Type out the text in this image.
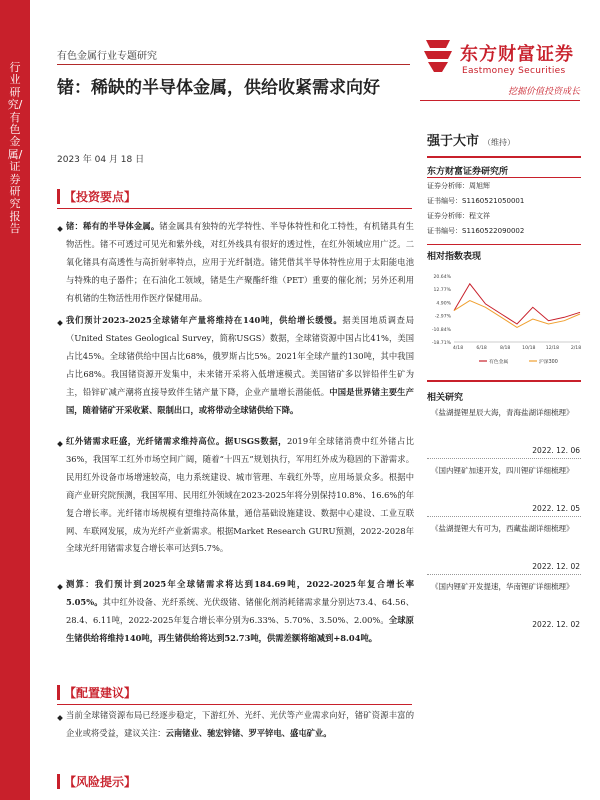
行业研究/有色金属/证券研究报告
有色金属行业专题研究
锗：稀缺的半导体金属，供给收紧需求向好
2023 年 04 月 18 日
东方财富证券
Eastmoney Securities
挖掘价值投资成长
【投资要点】
锗：稀有的半导体金属。锗金属具有独特的光学特性、半导体特性和化工特性，有机锗具有生物活性。锗不可透过可见光和紫外线，对红外线具有很好的透过性，在红外领域应用广泛。二氧化锗具有高透性与高折射率特点，应用于光纤制造。锗凭借其半导体特性应用于太阳能电池与特殊的电子器件；在石油化工领域，锗是生产聚酯纤维（PET）重要的催化剂；另外还利用有机锗的生物活性用作医疗保健用品。
我们预计2023-2025全球锗年产量将维持在140吨，供给增长缓慢。据美国地质调查局（United States Geological Survey，简称USGS）数据，全球锗资源中国占比41%，美国占比45%。全球锗供给中国占比68%，俄罗斯占比5%。2021年全球产量约130吨，其中我国占比68%。我国锗资源开发集中，未来锗开采将入低增速模式。美国锗矿多以锌铅伴生矿为主，铅锌矿减产潮将直接导致伴生锗产量下降，企业产量增长潜能低。中国是世界锗主要生产国，随着锗矿开采收紧、限制出口，或将带动全球锗供给下降。
红外锗需求旺盛，光纤锗需求维持高位。据USGS数据，2019年全球锗消费中红外锗占比36%，我国军工红外市场空间广阔，随着“十四五”规划执行，军用红外成为稳固的下游需求。民用红外设备市场增速较高，电力系统建设、城市管理、车载红外等，应用场景众多。根据中商产业研究院预测，我国军用、民用红外领域在2023-2025年将分别保持10.8%、16.6%的年复合增长率。光纤锗市场规模有望维持高体量，通信基础设施建设、数据中心建设、工业互联网、车联网发展，成为光纤产业新需求。根据Market Research GURU预测，2022-2028年全球光纤用锗需求复合增长率可达到5.7%。
测算：我们预计到2025年全球锗需求将达到184.69吨，2022-2025年复合增长率5.05%。其中红外设备、光纤系统、光伏级锗、锗催化剂消耗锗需求量分别达73.4、64.56、28.4、6.11吨，2022-2025年复合增长率分别为6.33%、5.70%、3.50%、2.00%。全球原生锗供给将维持140吨，再生锗供给将达到52.73吨，供需差额将缩减到+8.04吨。
【配置建议】
当前全球锗资源布局已经逐步稳定，下游红外、光纤、光伏等产业需求向好，锗矿资源丰富的企业或将受益，建议关注：云南锗业、驰宏锌锗、罗平锌电、盛屯矿业。
【风险提示】
强于大市 （维持）
东方财富证券研究所
证券分析师：周旭辉
证书编号：S1160521050001
证券分析师：程文祥
证书编号：S1160522090002
相对指数表现
20.64%
12.77%
4.90%
-2.97%
-10.84%
-18.71%
4/18	6/18	8/18	10/18 12/18	2/18
有色金属	沪深300
相关研究
《盐湖提锂星辰大海，青海盐湖详细梳理》
2022. 12. 06
《国内锂矿加速开发，四川锂矿详细梳理》
2022. 12. 05
《盐湖提锂大有可为，西藏盐湖详细梳理》
2022. 12. 02
《国内锂矿开发提速，华南锂矿详细梳理》
2022. 12. 02
